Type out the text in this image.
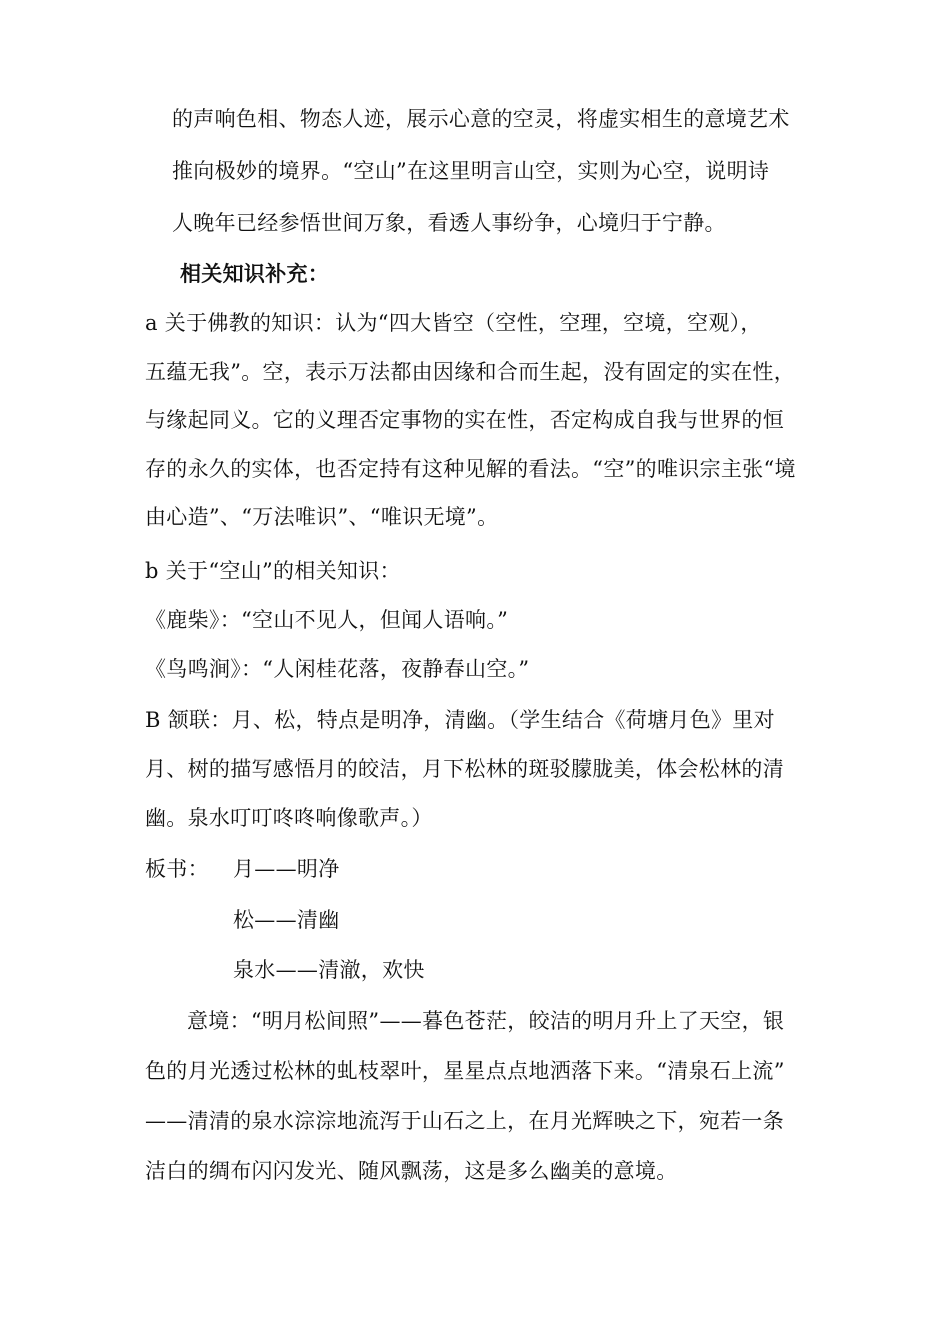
的声响色相、物态人迹，展示心意的空灵，将虚实相生的意境艺术
推向极妙的境界。“空山”在这里明言山空，实则为心空，说明诗
人晚年已经参悟世间万象，看透人事纷争，心境归于宁静。
相关知识补充：
a 关于佛教的知识：认为“四大皆空（空性，空理，空境，空观），
五蕴无我”。空，表示万法都由因缘和合而生起，没有固定的实在性，
与缘起同义。它的义理否定事物的实在性，否定构成自我与世界的恒
存的永久的实体，也否定持有这种见解的看法。“空”的唯识宗主张“境
由心造”、“万法唯识”、“唯识无境”。
b 关于“空山”的相关知识：
《鹿柴》：“空山不见人，但闻人语响。”
《鸟鸣涧》：“人闲桂花落，夜静春山空。”
B 颔联：月、松，特点是明净，清幽。（学生结合《荷塘月色》里对
月、树的描写感悟月的皎洁，月下松林的斑驳朦胧美，体会松林的清
幽。泉水叮叮咚咚响像歌声。）
板书： 月——明净
松——清幽
泉水——清澈，欢快
意境：“明月松间照”——暮色苍茫，皎洁的明月升上了天空，银
色的月光透过松林的虬枝翠叶，星星点点地洒落下来。“清泉石上流”
——清清的泉水淙淙地流泻于山石之上，在月光辉映之下，宛若一条
洁白的绸布闪闪发光、随风飘荡，这是多么幽美的意境。
